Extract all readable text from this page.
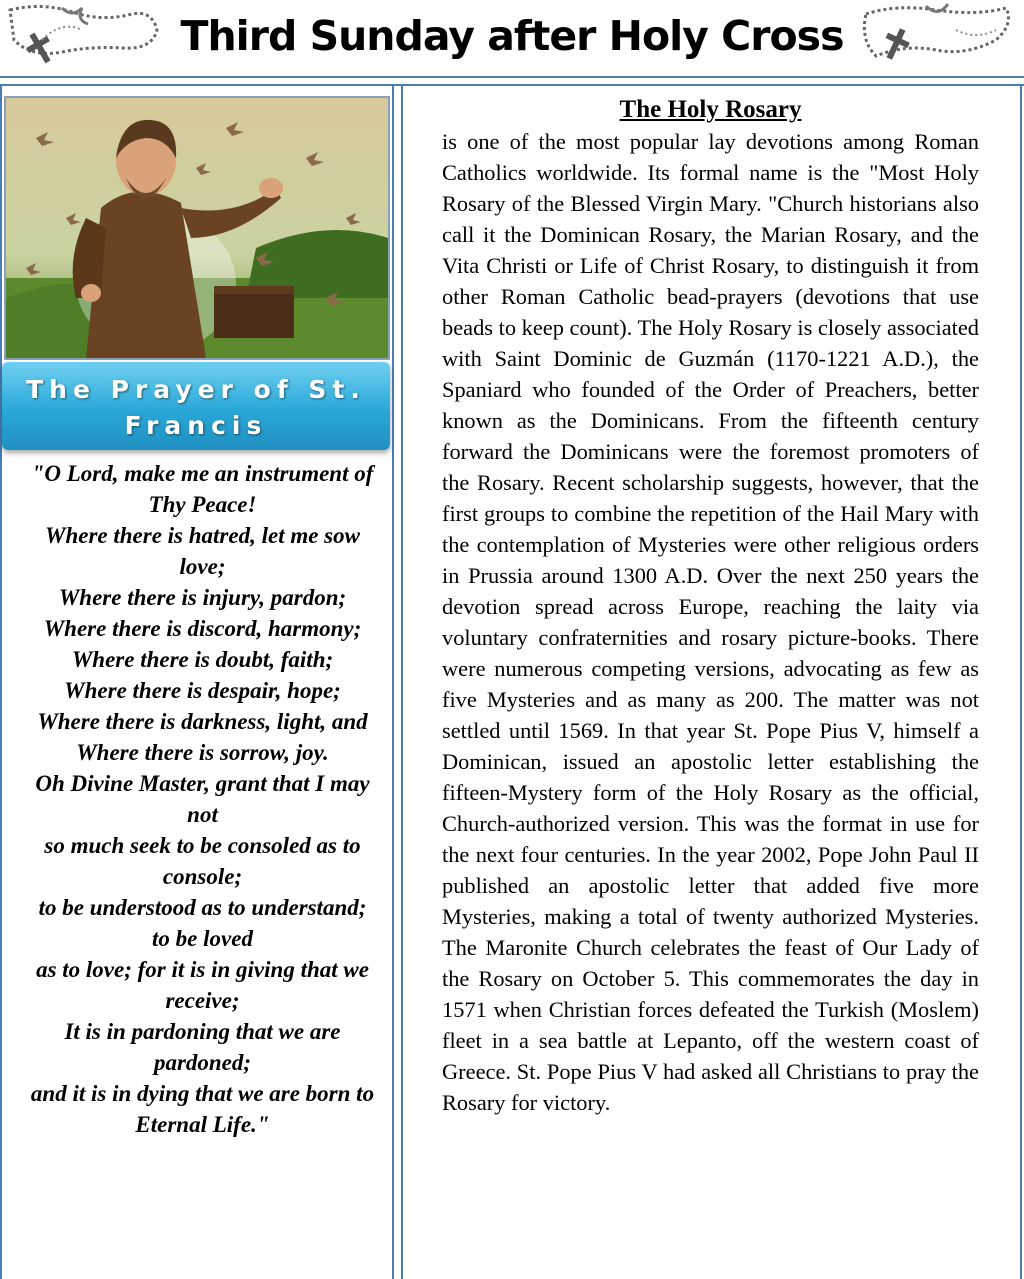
Third Sunday after Holy Cross
The Prayer of St. Francis
"O Lord, make me an instrument of Thy Peace!
Where there is hatred, let me sow love;
Where there is injury, pardon;
Where there is discord, harmony;
Where there is doubt, faith;
Where there is despair, hope;
Where there is darkness, light, and
Where there is sorrow, joy.
Oh Divine Master, grant that I may not
so much seek to be consoled as to console;
to be understood as to understand; to be loved
as to love; for it is in giving that we receive;
It is in pardoning that we are pardoned;
and it is in dying that we are born to Eternal Life."
The Holy Rosary

is one of the most popular lay devotions among Roman Catholics worldwide. Its formal name is the "Most Holy Rosary of the Blessed Virgin Mary. "Church historians also call it the Dominican Rosary, the Marian Rosary, and the Vita Christi or Life of Christ Rosary, to distinguish it from other Roman Catholic bead-prayers (devotions that use beads to keep count). The Holy Rosary is closely associated with Saint Dominic de Guzmán (1170-1221 A.D.), the Spaniard who founded of the Order of Preachers, better known as the Dominicans. From the fifteenth century forward the Dominicans were the foremost promoters of the Rosary. Recent scholarship suggests, however, that the first groups to combine the repetition of the Hail Mary with the contemplation of Mysteries were other religious orders in Prussia around 1300 A.D. Over the next 250 years the devotion spread across Europe, reaching the laity via voluntary confraternities and rosary picture-books. There were numerous competing versions, advocating as few as five Mysteries and as many as 200. The matter was not settled until 1569. In that year St. Pope Pius V, himself a Dominican, issued an apostolic letter establishing the fifteen-Mystery form of the Holy Rosary as the official, Church-authorized version. This was the format in use for the next four centuries. In the year 2002, Pope John Paul II published an apostolic letter that added five more Mysteries, making a total of twenty authorized Mysteries. The Maronite Church celebrates the feast of Our Lady of the Rosary on October 5. This commemorates the day in 1571 when Christian forces defeated the Turkish (Moslem) fleet in a sea battle at Lepanto, off the western coast of Greece. St. Pope Pius V had asked all Christians to pray the Rosary for victory.
